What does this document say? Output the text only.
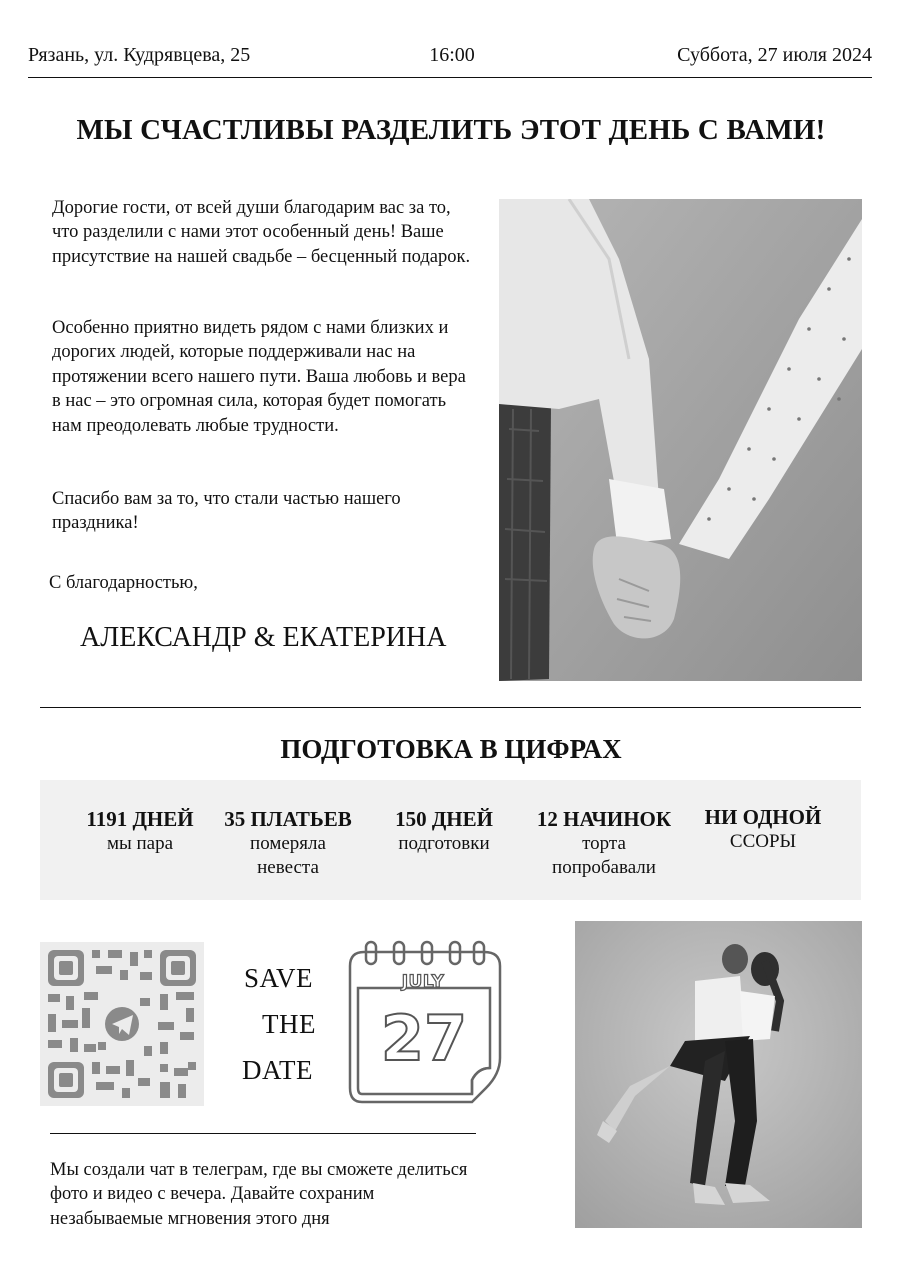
Рязань, ул. Кудрявцева, 25	16:00	Суббота, 27 июля 2024
МЫ СЧАСТЛИВЫ РАЗДЕЛИТЬ ЭТОТ ДЕНЬ С ВАМИ!

Дорогие гости, от всей души благодарим вас за то, что разделили с нами этот особенный день! Ваше присутствие на нашей свадьбе – бесценный подарок.

Особенно приятно видеть рядом с нами близких и дорогих людей, которые поддерживали нас на протяжении всего нашего пути. Ваша любовь и вера в нас – это огромная сила, которая будет помогать нам преодолевать любые трудности.

Спасибо вам за то, что стали частью нашего праздника!

С благодарностью,
АЛЕКСАНДР & ЕКАТЕРИНА
ПОДГОТОВКА В ЦИФРАХ
1191 ДНЕЙ
мы пара
35 ПЛАТЬЕВ
померяла невеста
150 ДНЕЙ
подготовки
12 НАЧИНОК
торта попробавали
НИ ОДНОЙ
ССОРЫ
SAVE
THE
DATE
JULY
27
Мы создали чат в телеграм, где вы сможете делиться фото и видео с вечера. Давайте сохраним незабываемые мгновения этого дня
